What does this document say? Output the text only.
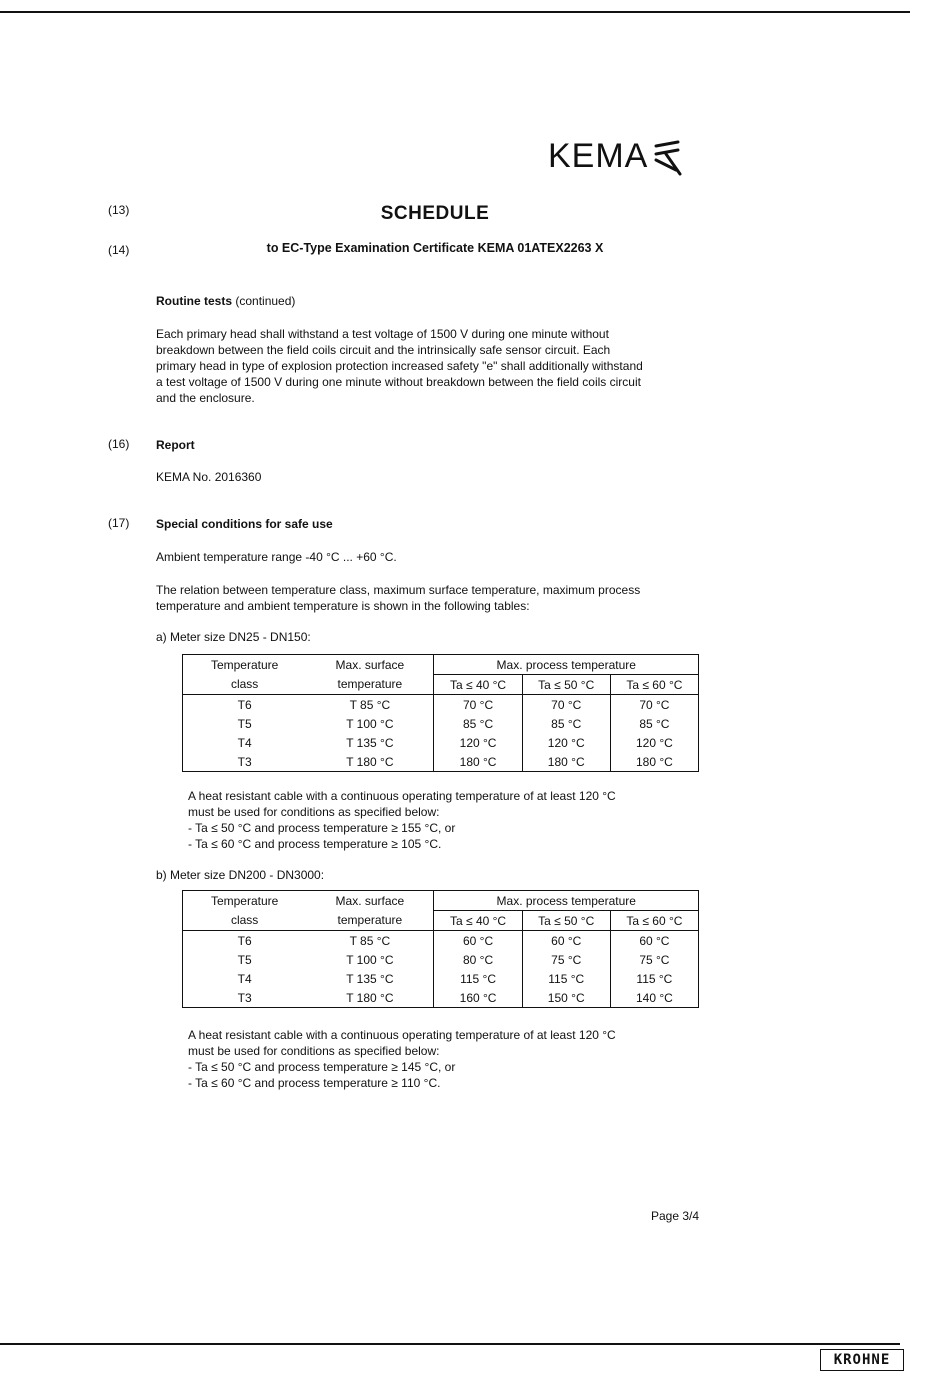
KEMA
(13)	SCHEDULE
(14)	to EC-Type Examination Certificate KEMA 01ATEX2263 X
Routine tests (continued)
Each primary head shall withstand a test voltage of 1500 V during one minute without
breakdown between the field coils circuit and the intrinsically safe sensor circuit. Each
primary head in type of explosion protection increased safety "e" shall additionally withstand
a test voltage of 1500 V during one minute without breakdown between the field coils circuit
and the enclosure.
(16) Report
KEMA No. 2016360
(17) Special conditions for safe use
Ambient temperature range -40 °C ... +60 °C.
The relation between temperature class, maximum surface temperature, maximum process
temperature and ambient temperature is shown in the following tables:
a) Meter size DN25 - DN150:
Temperature	Max. surface	Max. process temperature		
class	temperature	Ta ≤ 40 °C	Ta ≤ 50 °C	Ta ≤ 60 °C
T6	T 85 °C	70 °C	70 °C	70 °C
T5	T 100 °C	85 °C	85 °C	85 °C
T4	T 135 °C	120 °C	120 °C	120 °C
T3	T 180 °C	180 °C	180 °C	180 °C
A heat resistant cable with a continuous operating temperature of at least 120 °C
must be used for conditions as specified below:
- Ta ≤ 50 °C and process temperature ≥ 155 °C, or
- Ta ≤ 60 °C and process temperature ≥ 105 °C.
b) Meter size DN200 - DN3000:
Temperature	Max. surface	Max. process temperature		
class	temperature	Ta ≤ 40 °C	Ta ≤ 50 °C	Ta ≤ 60 °C
T6	T 85 °C	60 °C	60 °C	60 °C
T5	T 100 °C	80 °C	75 °C	75 °C
T4	T 135 °C	115 °C	115 °C	115 °C
T3	T 180 °C	160 °C	150 °C	140 °C
A heat resistant cable with a continuous operating temperature of at least 120 °C
must be used for conditions as specified below:
- Ta ≤ 50 °C and process temperature ≥ 145 °C, or
- Ta ≤ 60 °C and process temperature ≥ 110 °C.
Page 3/4
KROHNE
